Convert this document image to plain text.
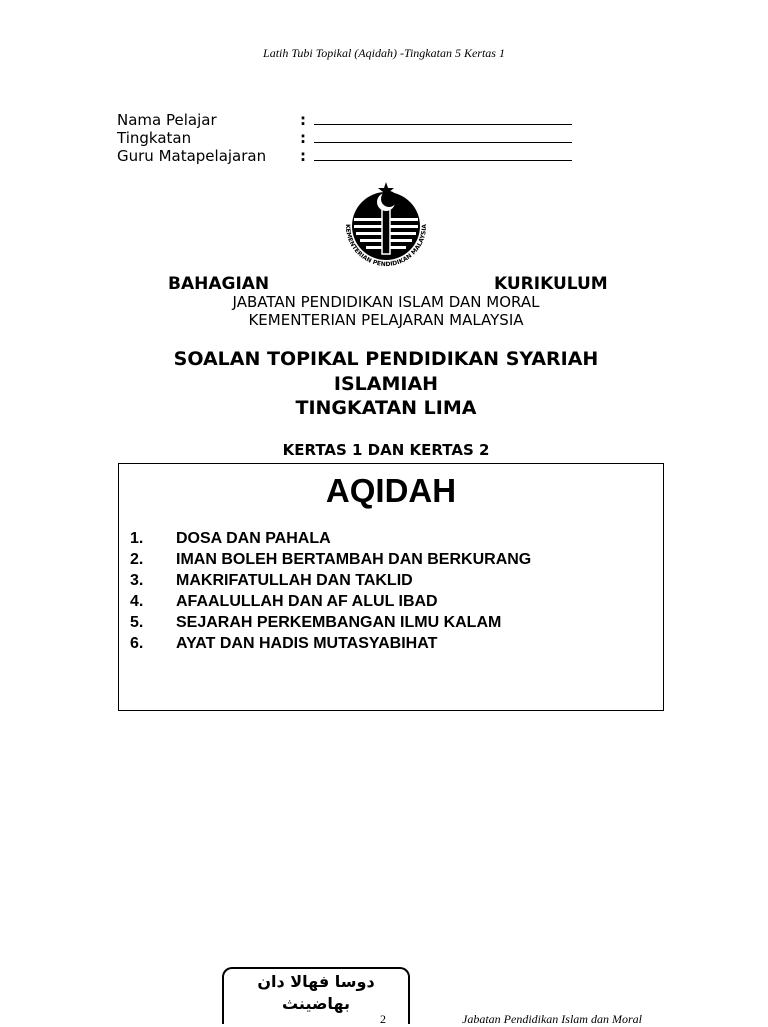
Latih Tubi Topikal (Aqidah) -Tingkatan 5 Kertas 1
Nama Pelajar	:
Tingkatan	:
Guru Matapelajaran :
KEMENTERIAN PENDIDIKAN MALAYSIA
BAHAGIAN	KURIKULUM
JABATAN PENDIDIKAN ISLAM DAN MORAL
KEMENTERIAN PELAJARAN MALAYSIA
SOALAN TOPIKAL PENDIDIKAN SYARIAH
ISLAMIAH
TINGKATAN LIMA
KERTAS 1 DAN KERTAS 2
AQIDAH
1. DOSA DAN PAHALA
2. IMAN BOLEH BERTAMBAH DAN BERKURANG
3. MAKRIFATULLAH DAN TAKLID
4. AFAALULLAH DAN AF ALUL IBAD
5. SEJARAH PERKEMBANGAN ILMU KALAM
6. AYAT DAN HADIS MUTASYABIHAT
دوسا فهالا دان
بهاضينث
2	Jabatan Pendidikan Islam dan Moral
